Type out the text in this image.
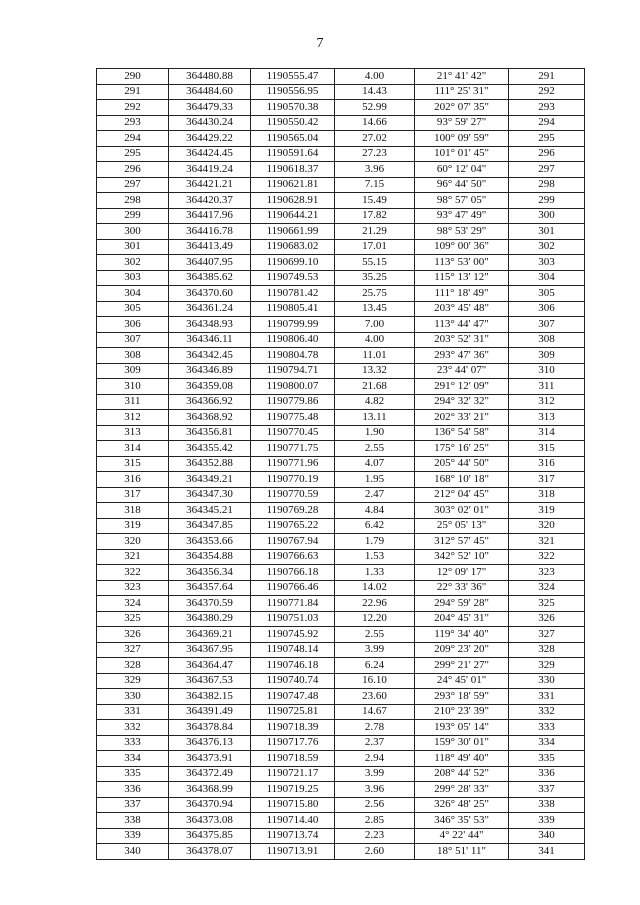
7
290	364480.88	1190555.47	4.00	21° 41' 42"	291
291	364484.60	1190556.95	14.43	111° 25' 31"	292
292	364479.33	1190570.38	52.99	202° 07' 35"	293
293	364430.24	1190550.42	14.66	93° 59' 27"	294
294	364429.22	1190565.04	27.02	100° 09' 59"	295
295	364424.45	1190591.64	27.23	101° 01' 45"	296
296	364419.24	1190618.37	3.96	60° 12' 04"	297
297	364421.21	1190621.81	7.15	96° 44' 50"	298
298	364420.37	1190628.91	15.49	98° 57' 05"	299
299	364417.96	1190644.21	17.82	93° 47' 49"	300
300	364416.78	1190661.99	21.29	98° 53' 29"	301
301	364413.49	1190683.02	17.01	109° 00' 36"	302
302	364407.95	1190699.10	55.15	113° 53' 00"	303
303	364385.62	1190749.53	35.25	115° 13' 12"	304
304	364370.60	1190781.42	25.75	111° 18' 49"	305
305	364361.24	1190805.41	13.45	203° 45' 48"	306
306	364348.93	1190799.99	7.00	113° 44' 47"	307
307	364346.11	1190806.40	4.00	203° 52' 31"	308
308	364342.45	1190804.78	11.01	293° 47' 36"	309
309	364346.89	1190794.71	13.32	23° 44' 07"	310
310	364359.08	1190800.07	21.68	291° 12' 09"	311
311	364366.92	1190779.86	4.82	294° 32' 32"	312
312	364368.92	1190775.48	13.11	202° 33' 21"	313
313	364356.81	1190770.45	1.90	136° 54' 58"	314
314	364355.42	1190771.75	2.55	175° 16' 25"	315
315	364352.88	1190771.96	4.07	205° 44' 50"	316
316	364349.21	1190770.19	1.95	168° 10' 18"	317
317	364347.30	1190770.59	2.47	212° 04' 45"	318
318	364345.21	1190769.28	4.84	303° 02' 01"	319
319	364347.85	1190765.22	6.42	25° 05' 13"	320
320	364353.66	1190767.94	1.79	312° 57' 45"	321
321	364354.88	1190766.63	1.53	342° 52' 10"	322
322	364356.34	1190766.18	1.33	12° 09' 17"	323
323	364357.64	1190766.46	14.02	22° 33' 36"	324
324	364370.59	1190771.84	22.96	294° 59' 28"	325
325	364380.29	1190751.03	12.20	204° 45' 31"	326
326	364369.21	1190745.92	2.55	119° 34' 40"	327
327	364367.95	1190748.14	3.99	209° 23' 20"	328
328	364364.47	1190746.18	6.24	299° 21' 27"	329
329	364367.53	1190740.74	16.10	24° 45' 01"	330
330	364382.15	1190747.48	23.60	293° 18' 59"	331
331	364391.49	1190725.81	14.67	210° 23' 39"	332
332	364378.84	1190718.39	2.78	193° 05' 14"	333
333	364376.13	1190717.76	2.37	159° 30' 01"	334
334	364373.91	1190718.59	2.94	118° 49' 40"	335
335	364372.49	1190721.17	3.99	208° 44' 52"	336
336	364368.99	1190719.25	3.96	299° 28' 33"	337
337	364370.94	1190715.80	2.56	326° 48' 25"	338
338	364373.08	1190714.40	2.85	346° 35' 53"	339
339	364375.85	1190713.74	2.23	4° 22' 44"	340
340	364378.07	1190713.91	2.60	18° 51' 11"	341
